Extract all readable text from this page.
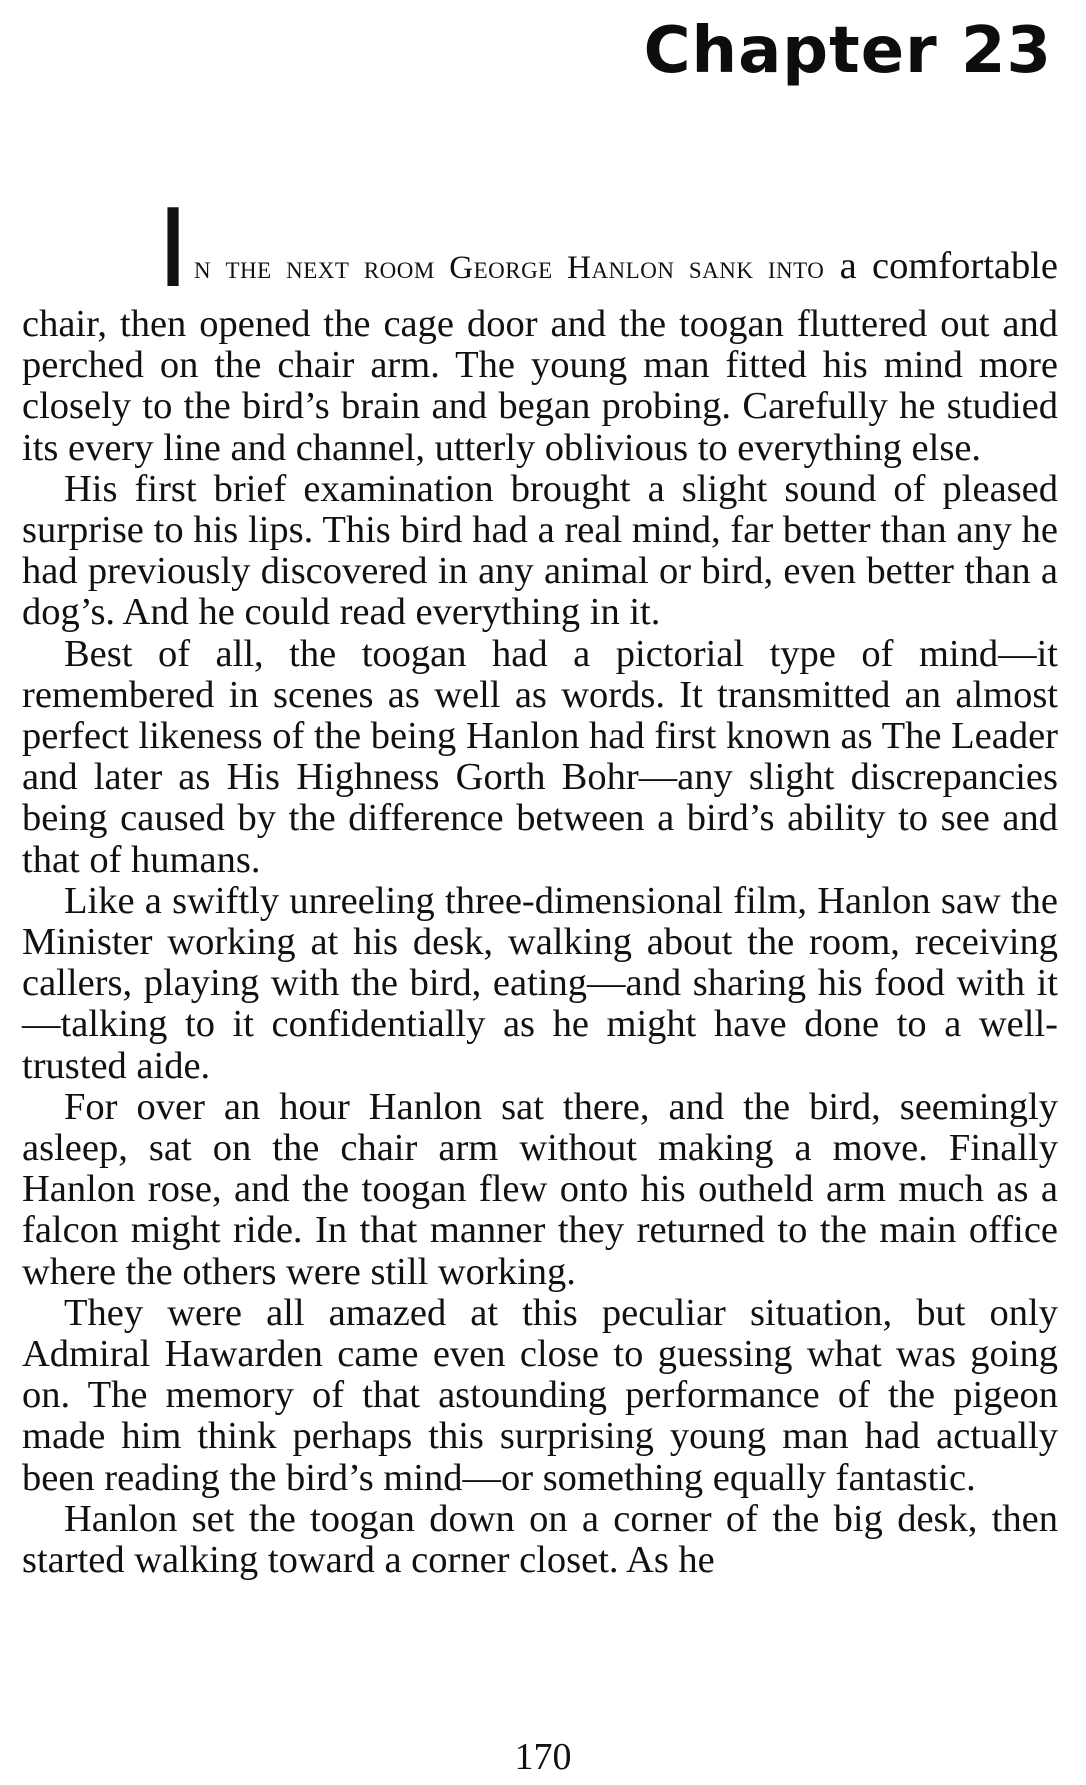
Chapter 23

In the next room George Hanlon sank into a comfortable chair, then opened the cage door and the toogan fluttered out and perched on the chair arm. The young man fitted his mind more closely to the bird’s brain and began probing. Carefully he studied its every line and channel, utterly oblivious to everything else.

His first brief examination brought a slight sound of pleased surprise to his lips. This bird had a real mind, far better than any he had previously discovered in any animal or bird, even better than a dog’s. And he could read everything in it.

Best of all, the toogan had a pictorial type of mind—it remembered in scenes as well as words. It transmitted an almost perfect likeness of the being Hanlon had first known as The Leader and later as His Highness Gorth Bohr—any slight discrepancies being caused by the difference between a bird’s ability to see and that of humans.

Like a swiftly unreeling three-dimensional film, Hanlon saw the Minister working at his desk, walking about the room, receiving callers, playing with the bird, eating—and sharing his food with it—talking to it confidentially as he might have done to a well-trusted aide.

For over an hour Hanlon sat there, and the bird, seemingly asleep, sat on the chair arm without making a move. Finally Hanlon rose, and the toogan flew onto his outheld arm much as a falcon might ride. In that manner they returned to the main office where the others were still working.

They were all amazed at this peculiar situation, but only Admiral Hawarden came even close to guessing what was going on. The memory of that astounding performance of the pigeon made him think perhaps this surprising young man had actually been reading the bird’s mind—or something equally fantastic.

Hanlon set the toogan down on a corner of the big desk, then started walking toward a corner closet. As he

170
